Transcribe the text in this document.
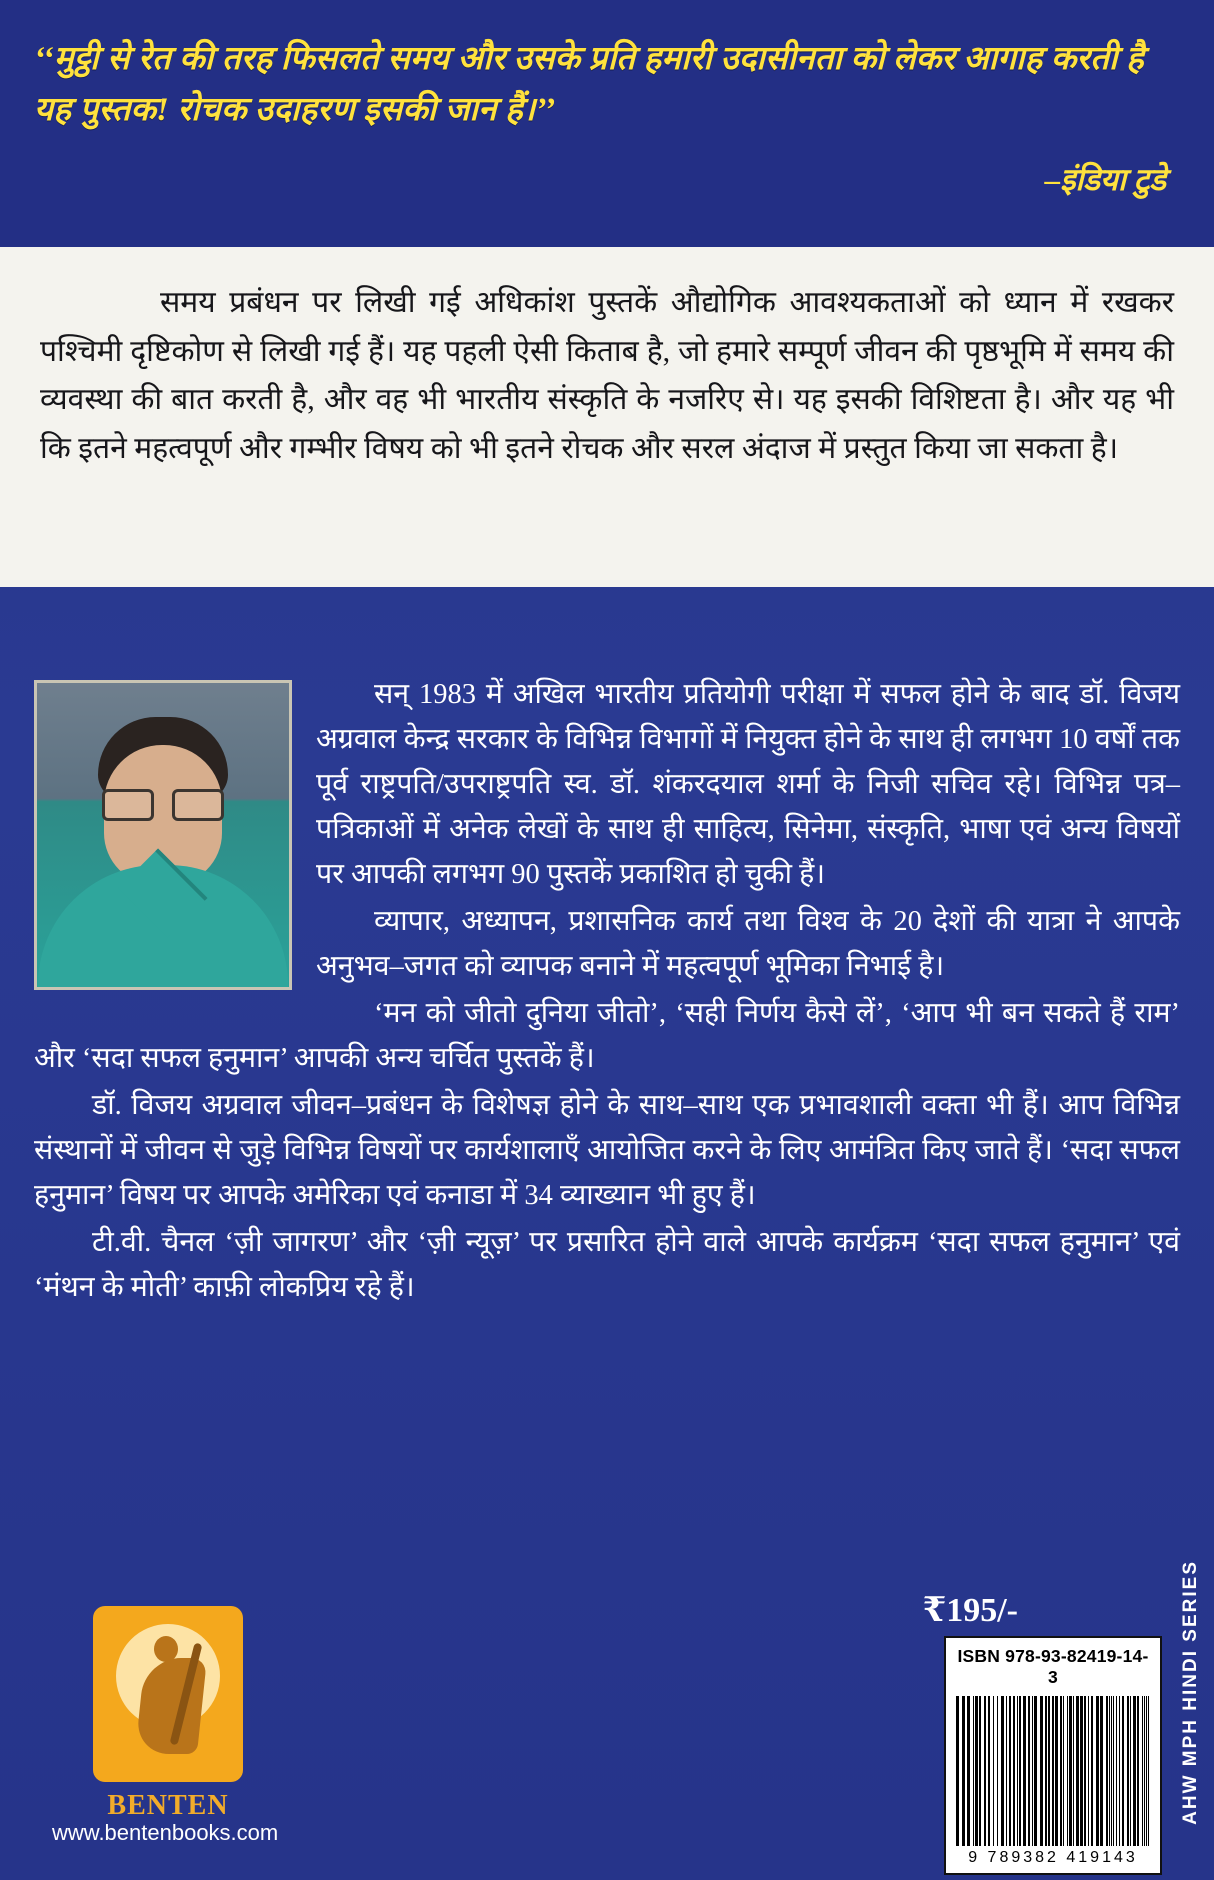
‘‘मुट्ठी से रेत की तरह फिसलते समय और उसके प्रति हमारी उदासीनता को लेकर आगाह करती है यह पुस्तक! रोचक उदाहरण इसकी जान हैं।’’
–इंडिया टुडे
समय प्रबंधन पर लिखी गई अधिकांश पुस्तकें औद्योगिक आवश्यकताओं को ध्यान में रखकर पश्चिमी दृष्टिकोण से लिखी गई हैं। यह पहली ऐसी किताब है, जो हमारे सम्पूर्ण जीवन की पृष्ठभूमि में समय की व्यवस्था की बात करती है, और वह भी भारतीय संस्कृति के नजरिए से। यह इसकी विशिष्टता है। और यह भी कि इतने महत्वपूर्ण और गम्भीर विषय को भी इतने रोचक और सरल अंदाज में प्रस्तुत किया जा सकता है।

सन् 1983 में अखिल भारतीय प्रतियोगी परीक्षा में सफल होने के बाद डॉ. विजय अग्रवाल केन्द्र सरकार के विभिन्न विभागों में नियुक्त होने के साथ ही लगभग 10 वर्षों तक पूर्व राष्ट्रपति/उपराष्ट्रपति स्व. डॉ. शंकरदयाल शर्मा के निजी सचिव रहे। विभिन्न पत्र–पत्रिकाओं में अनेक लेखों के साथ ही साहित्य, सिनेमा, संस्कृति, भाषा एवं अन्य विषयों पर आपकी लगभग 90 पुस्तकें प्रकाशित हो चुकी हैं।

व्यापार, अध्यापन, प्रशासनिक कार्य तथा विश्व के 20 देशों की यात्रा ने आपके अनुभव–जगत को व्यापक बनाने में महत्वपूर्ण भूमिका निभाई है।

‘मन को जीतो दुनिया जीतो’, ‘सही निर्णय कैसे लें’, ‘आप भी बन सकते हैं राम’ और ‘सदा सफल हनुमान’ आपकी अन्य चर्चित पुस्तकें हैं।

डॉ. विजय अग्रवाल जीवन–प्रबंधन के विशेषज्ञ होने के साथ–साथ एक प्रभावशाली वक्ता भी हैं। आप विभिन्न संस्थानों में जीवन से जुड़े विभिन्न विषयों पर कार्यशालाएँ आयोजित करने के लिए आमंत्रित किए जाते हैं। ‘सदा सफल हनुमान’ विषय पर आपके अमेरिका एवं कनाडा में 34 व्याख्यान भी हुए हैं।

टी.वी. चैनल ‘ज़ी जागरण’ और ‘ज़ी न्यूज़’ पर प्रसारित होने वाले आपके कार्यक्रम ‘सदा सफल हनुमान’ एवं ‘मंथन के मोती’ काफ़ी लोकप्रिय रहे हैं।

₹195/-	AHW MPH HINDI SERIES
ISBN 978-93-82419-14-3
9 789382 419143
BENTEN
www.bentenbooks.com
